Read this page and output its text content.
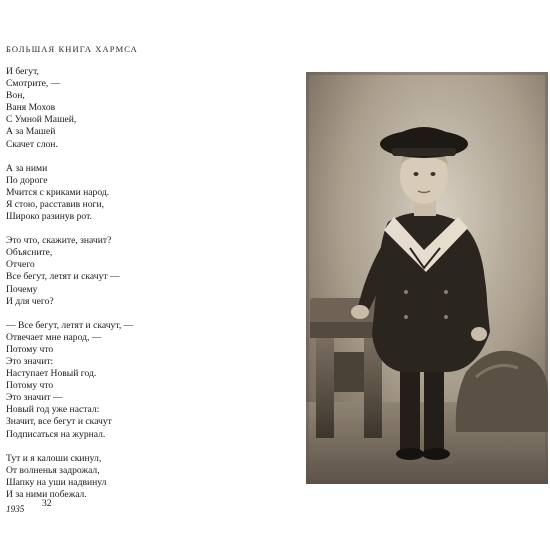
БОЛЬШАЯ КНИГА ХАРМСА
И бегут,
Смотрите, —
Вон,
Ваня Мохов
С Умной Машей,
А за Машей
Скачет слон.
А за ними
По дороге
Мчится с криками народ.
Я стою, расставив ноги,
Широко разинув рот.
Это что, скажите, значит?
Объясните,
Отчего
Все бегут, летят и скачут —
Почему
И для чего?
— Все бегут, летят и скачут, —
Отвечает мне народ, —
Потому что
Это значит:
Наступает Новый год.
Потому что
Это значит —
Новый год уже настал:
Значит, все бегут и скачут
Подписаться на журнал.
Тут и я калоши скинул,
От волненья задрожал,
Шапку на уши надвинул
И за ними побежал.
1935	32
